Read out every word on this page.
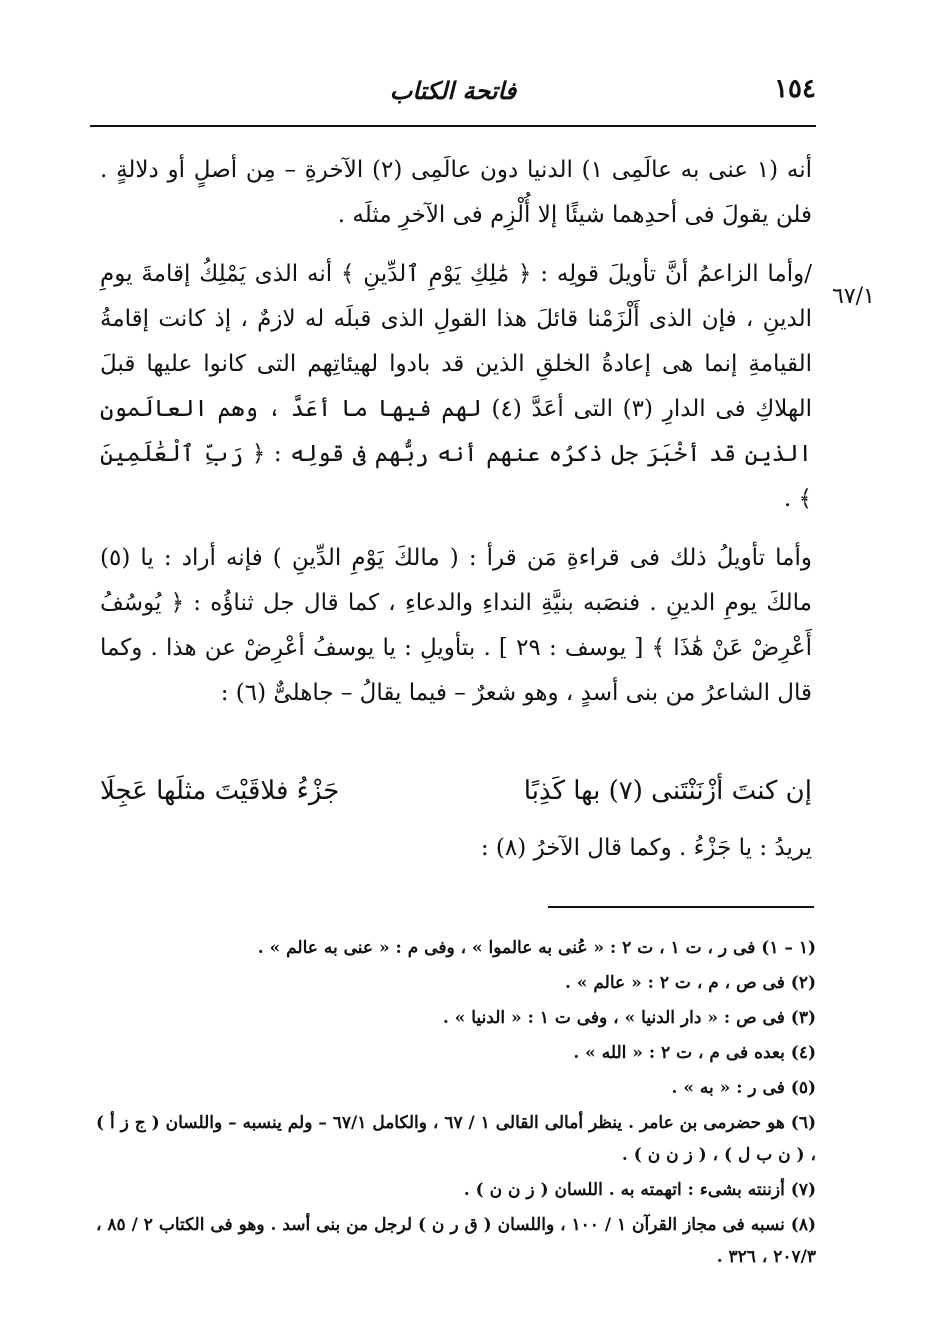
١٥٤
فاتحة الكتاب
٦٧/١

أنه (١ عنى به عالَمِى ١) الدنيا دون عالَمِى (٢) الآخرةِ – مِن أصلٍ أو دلالةٍ . فلن يقولَ فى أحدِهما شيئًا إلا أُلْزِم فى الآخرِ مثلَه .

/وأما الزاعمُ أنَّ تأويلَ قولِه : ﴿ مَٰلِكِ يَوْمِ ٱلدِّينِ ﴾ أنه الذى يَمْلِكُ إقامةَ يومِ الدينِ ، فإن الذى أَلْزَمْنا قائلَ هذا القولِ الذى قبلَه له لازمٌ ، إذ كانت إقامةُ القيامةِ إنما هى إعادةُ الخلقِ الذين قد بادوا لهيئاتِهم التى كانوا عليها قبلَ الهلاكِ فى الدارِ (٣) التى أعَدَّ (٤) لهم فيها ما أعَدَّ ، وهم العالَمون الذين قد أخْبَرَ جل ذكرُه عنهم أنه ربُّهم فى قولِه : ﴿ رَبِّ ٱلْعَٰلَمِينَ ﴾ .

وأما تأويلُ ذلك فى قراءةِ مَن قرأ : ( مالكَ يَوْمِ الدِّينِ ) فإنه أراد : يا (٥) مالكَ يومِ الدينِ . فنصَبه بنيَّةِ النداءِ والدعاءِ ، كما قال جل ثناؤُه : ﴿ يُوسُفُ أَعْرِضْ عَنْ هَٰذَا ﴾ [ يوسف : ٢٩ ] . بتأويلِ : يا يوسفُ أعْرِضْ عن هذا . وكما قال الشاعرُ من بنى أسدٍ ، وهو شعرٌ – فيما يقالُ – جاهلىٌّ (٦) :

إن كنتَ أزْنَنْتَنى (٧) بها كَذِبًا
جَزْءُ فلاقَيْتَ مثلَها عَجِلَا
يريدُ : يا جَزْءُ . وكما قال الآخرُ (٨) :

(١ – ١) فى ر ، ت ١ ، ت ٢ : « عُنى به عالموا » ، وفى م : « عنى به عالم » .

(٢) فى ص ، م ، ت ٢ : « عالم » .

(٣) فى ص : « دار الدنيا » ، وفى ت ١ : « الدنيا » .

(٤) بعده فى م ، ت ٢ : « الله » .

(٥) فى ر : « به » .

(٦) هو حضرمى بن عامر . ينظر أمالى القالى ١ / ٦٧ ، والكامل ٦٧/١ – ولم ينسبه – واللسان ( ج ز أ ) ، ( ن ب ل ) ، ( ز ن ن ) .

(٧) أزننته بشىء : اتهمته به . اللسان ( ز ن ن ) .

(٨) نسبه فى مجاز القرآن ١ / ١٠٠ ، واللسان ( ق ر ن ) لرجل من بنى أسد . وهو فى الكتاب ٢ / ٨٥ ، ٢٠٧/٣ ، ٣٢٦ .
